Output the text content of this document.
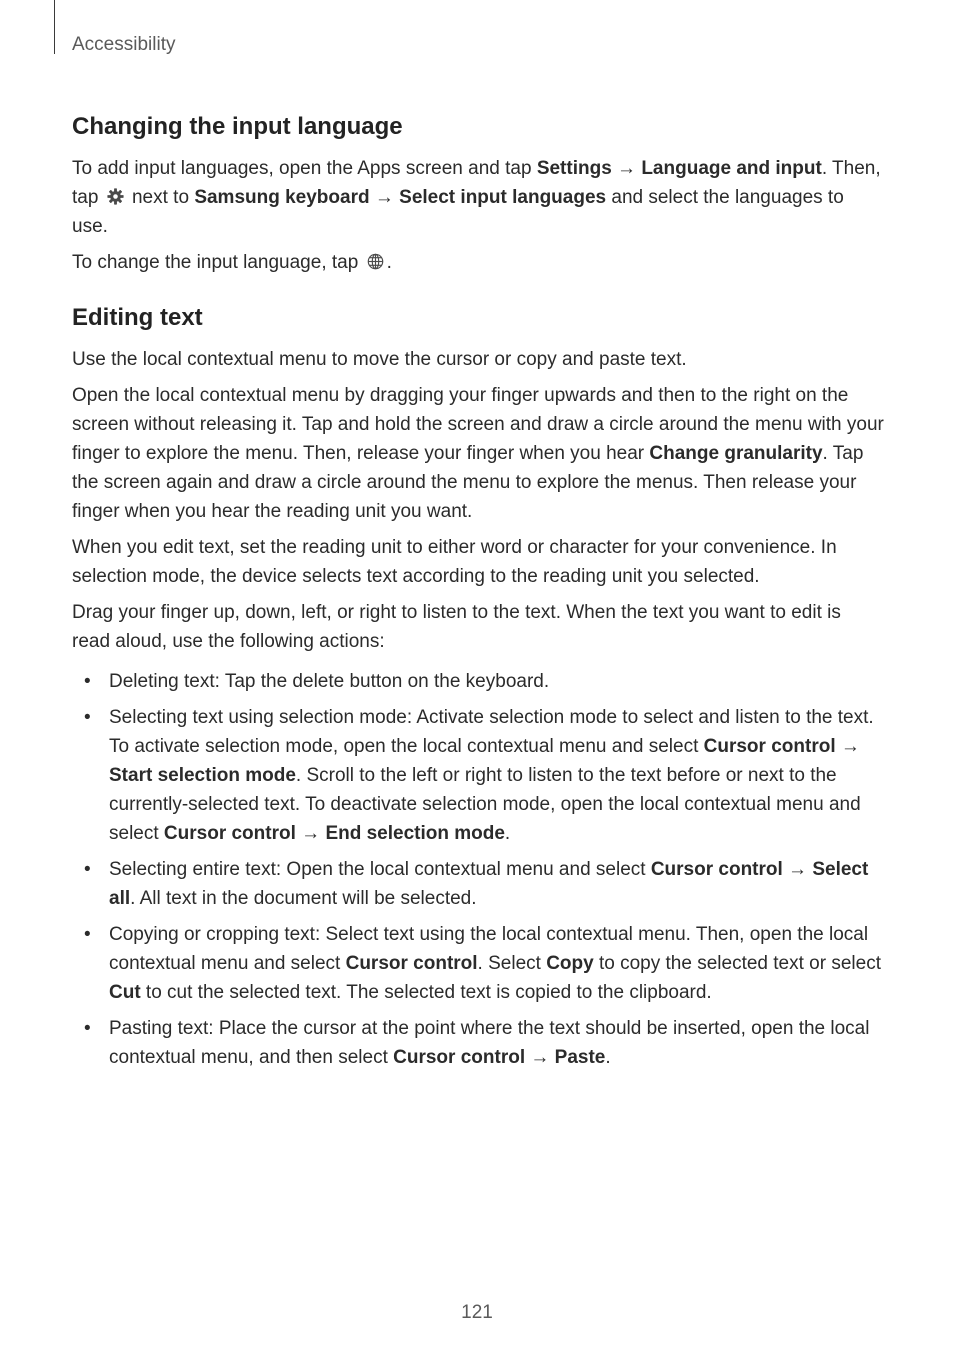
Accessibility
Changing the input language

To add input languages, open the Apps screen and tap Settings → Language and input. Then, tap  next to Samsung keyboard → Select input languages and select the languages to use.

To change the input language, tap .

Editing text

Use the local contextual menu to move the cursor or copy and paste text.

Open the local contextual menu by dragging your finger upwards and then to the right on the screen without releasing it. Tap and hold the screen and draw a circle around the menu with your finger to explore the menu. Then, release your finger when you hear Change granularity. Tap the screen again and draw a circle around the menu to explore the menus. Then release your finger when you hear the reading unit you want.

When you edit text, set the reading unit to either word or character for your convenience. In selection mode, the device selects text according to the reading unit you selected.

Drag your finger up, down, left, or right to listen to the text. When the text you want to edit is read aloud, use the following actions:

• Deleting text: Tap the delete button on the keyboard.
• Selecting text using selection mode: Activate selection mode to select and listen to the text. To activate selection mode, open the local contextual menu and select Cursor control → Start selection mode. Scroll to the left or right to listen to the text before or next to the currently-selected text. To deactivate selection mode, open the local contextual menu and select Cursor control → End selection mode.
• Selecting entire text: Open the local contextual menu and select Cursor control → Select all. All text in the document will be selected.
• Copying or cropping text: Select text using the local contextual menu. Then, open the local contextual menu and select Cursor control. Select Copy to copy the selected text or select Cut to cut the selected text. The selected text is copied to the clipboard.
• Pasting text: Place the cursor at the point where the text should be inserted, open the local contextual menu, and then select Cursor control → Paste.
121
